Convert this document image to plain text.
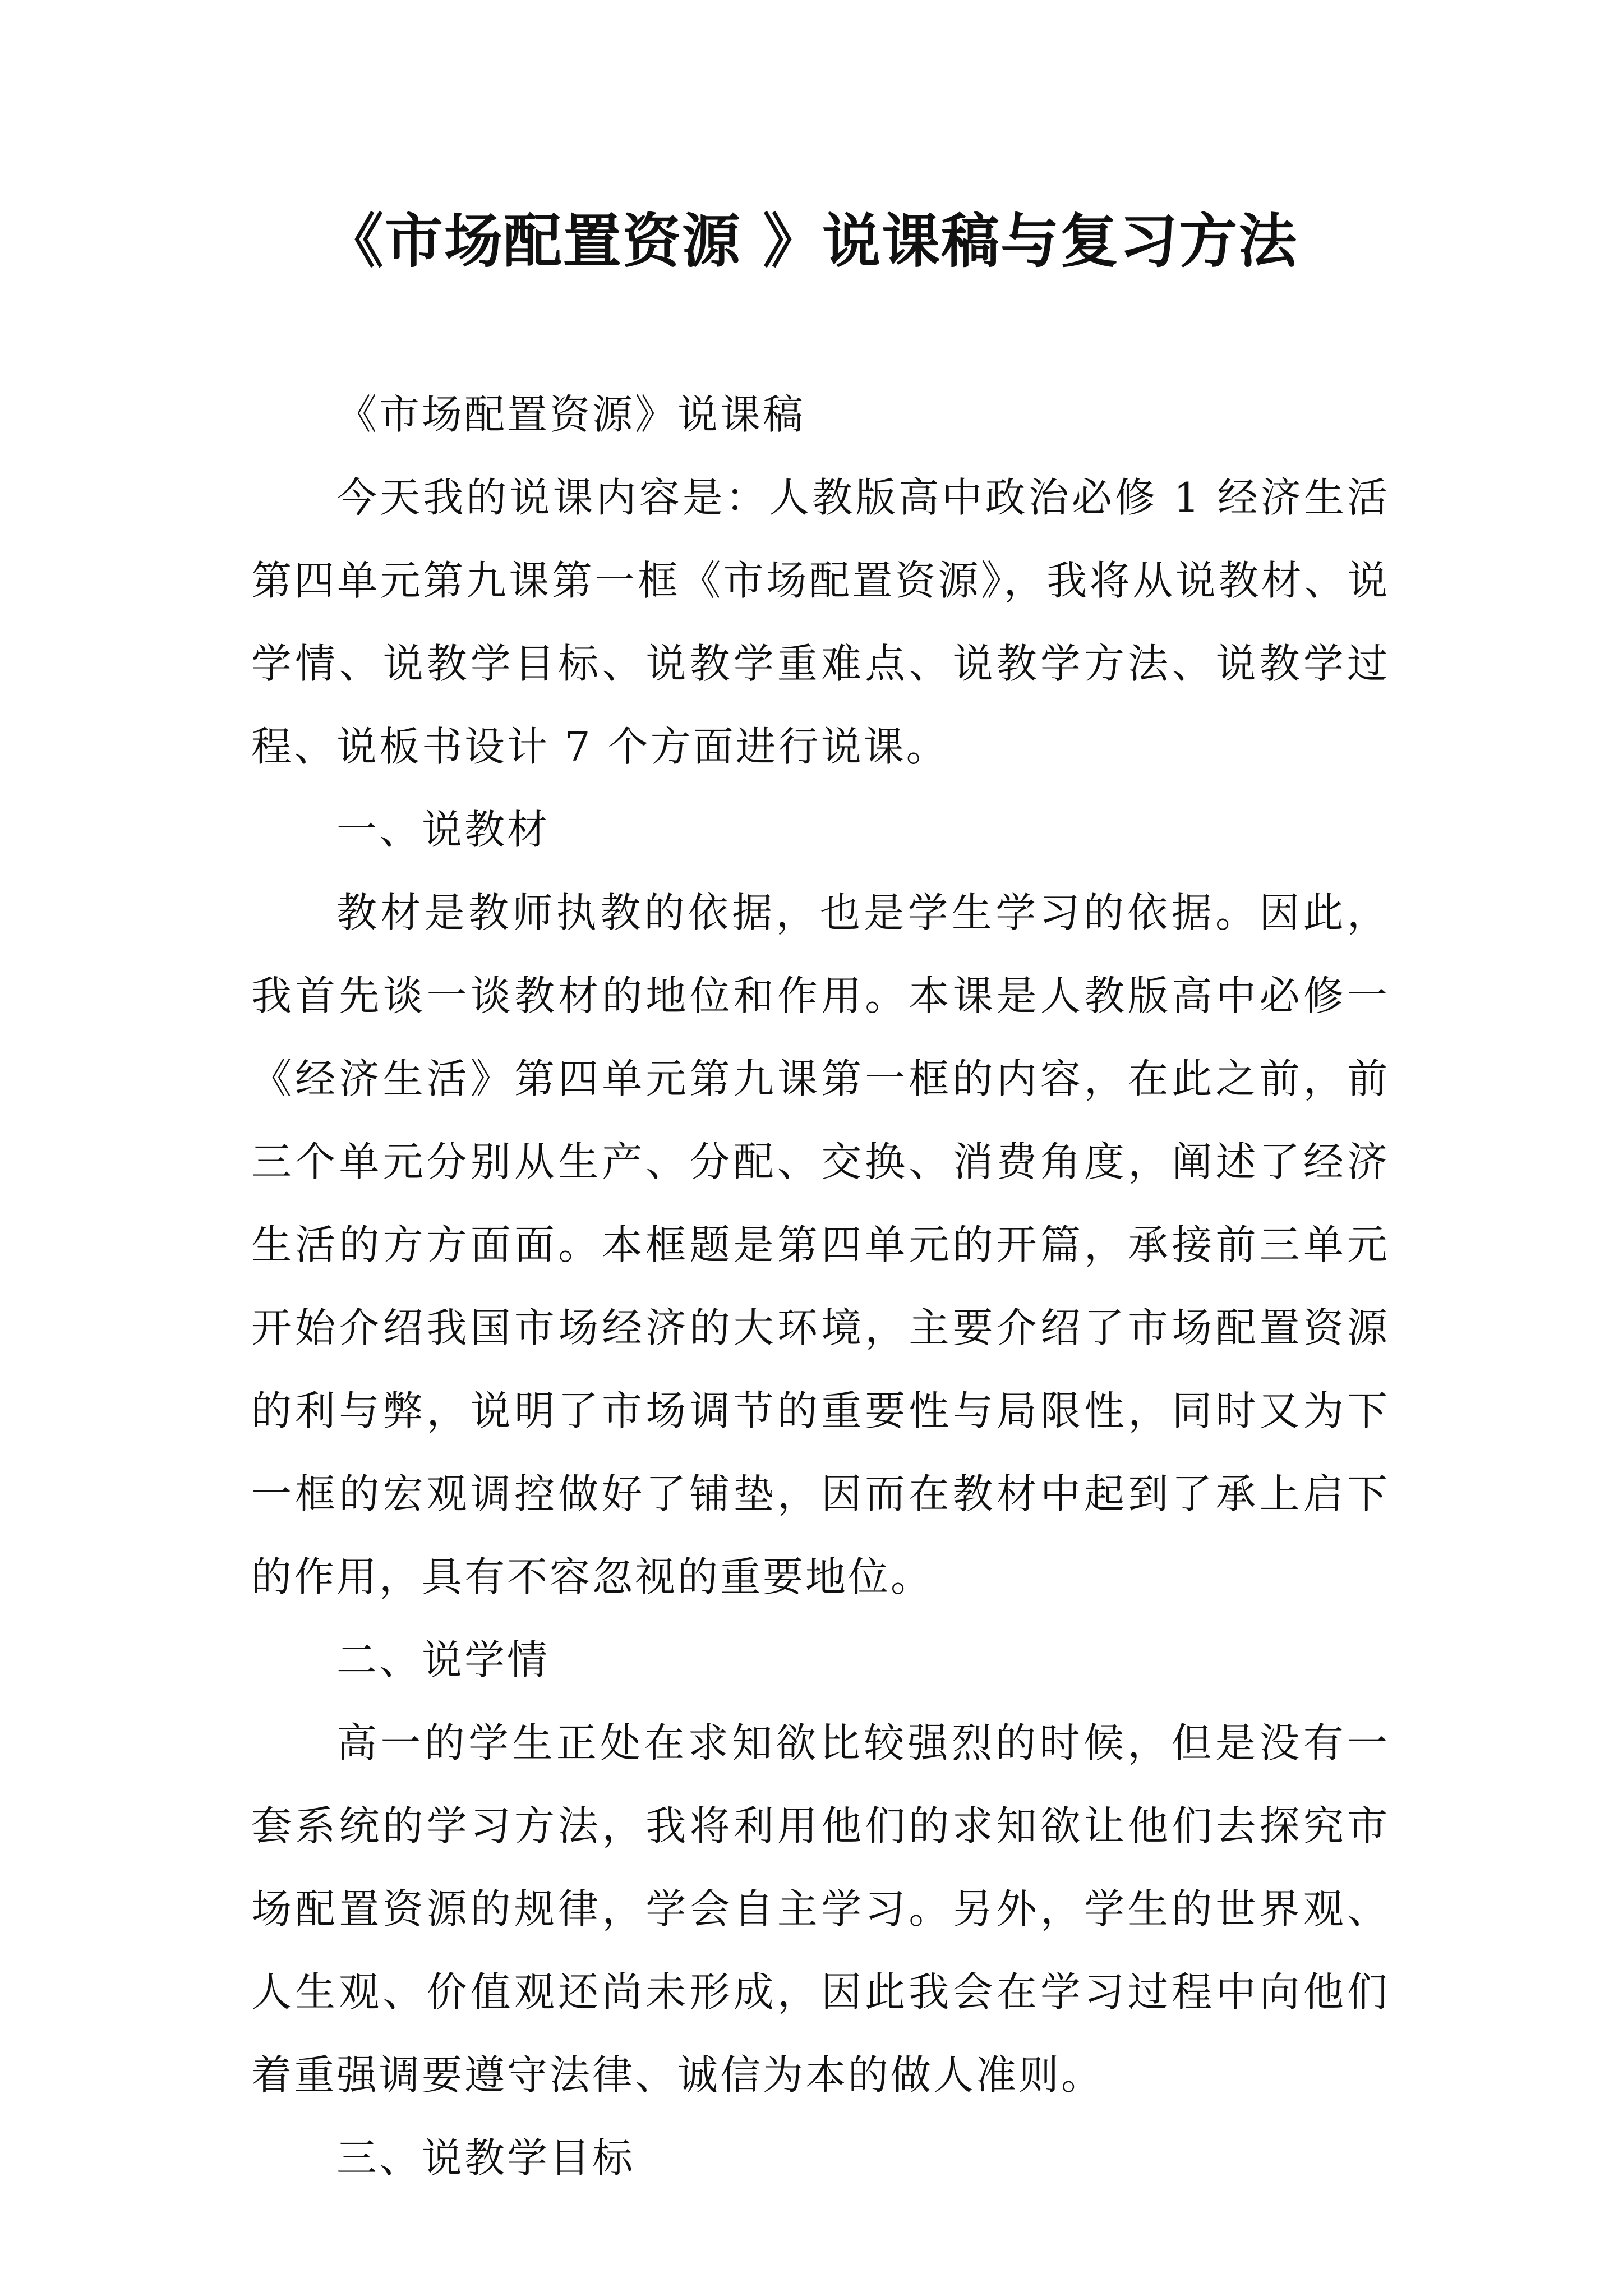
《市场配置资源 》说课稿与复习方法

《市场配置资源》说课稿

今天我的说课内容是：人教版高中政治必修 1 经济生活第四单元第九课第一框《市场配置资源》，我将从说教材、说学情、说教学目标、说教学重难点、说教学方法、说教学过程、说板书设计 7 个方面进行说课。

一、说教材

教材是教师执教的依据，也是学生学习的依据。因此，我首先谈一谈教材的地位和作用。本课是人教版高中必修一《经济生活》第四单元第九课第一框的内容，在此之前，前三个单元分别从生产、分配、交换、消费角度，阐述了经济生活的方方面面。本框题是第四单元的开篇，承接前三单元开始介绍我国市场经济的大环境，主要介绍了市场配置资源的利与弊，说明了市场调节的重要性与局限性，同时又为下一框的宏观调控做好了铺垫，因而在教材中起到了承上启下的作用，具有不容忽视的重要地位。

二、说学情

高一的学生正处在求知欲比较强烈的时候，但是没有一套系统的学习方法，我将利用他们的求知欲让他们去探究市场配置资源的规律，学会自主学习。另外，学生的世界观、人生观、价值观还尚未形成，因此我会在学习过程中向他们着重强调要遵守法律、诚信为本的做人准则。

三、说教学目标
